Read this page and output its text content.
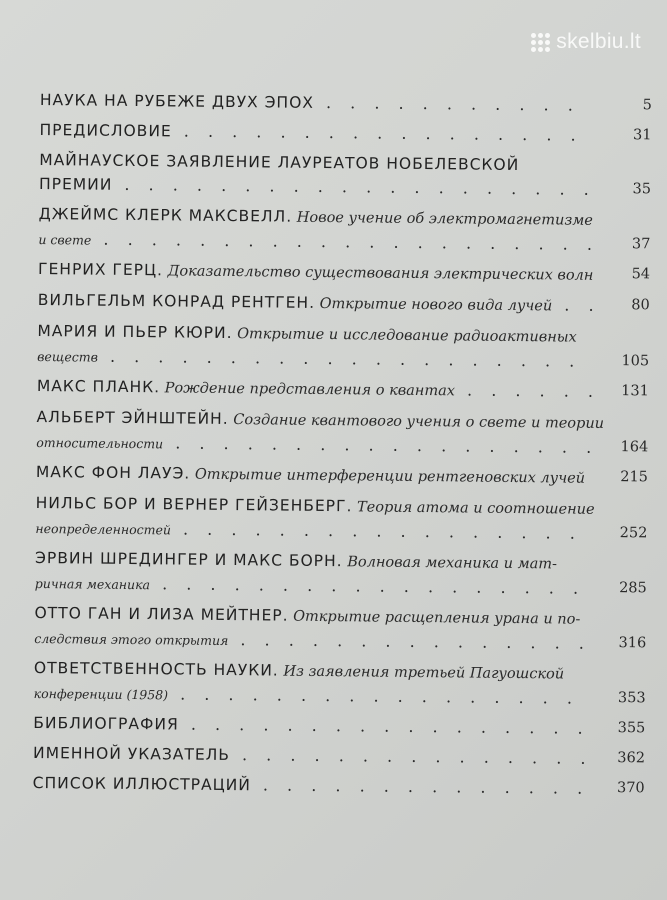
skelbiu.lt
НАУКА НА РУБЕЖЕ ДВУХ ЭПОХ . . . . . . . . . . .	5
ПРЕДИСЛОВИЕ . . . . . . . . . . . . . . . . .	31
МАЙНАУСКОЕ ЗАЯВЛЕНИЕ ЛАУРЕАТОВ НОБЕЛЕВСКОЙ
ПРЕМИИ . . . . . . . . . . . . . . . . . . . .	35
ДЖЕЙМС КЛЕРК МАКСВЕЛЛ. Новое учение об электромагнетизме
и свете . . . . . . . . . . . . . . . . . . . . . 37
ГЕНРИХ ГЕРЦ. Доказательство существования электрических волн	54
ВИЛЬГЕЛЬМ КОНРАД РЕНТГЕН. Открытие нового вида лучей . . 80
МАРИЯ И ПЬЕР КЮРИ. Открытие и исследование радиоактивных
веществ . . . . . . . . . . . . . . . . . . . .	105
МАКС ПЛАНК. Рождение представления о квантах . . . . . . 131
АЛЬБЕРТ ЭЙНШТЕЙН. Создание квантового учения о свете и теории
относительности . . . . . . . . . . . . . . . . . . 164
МАКС ФОН ЛАУЭ. Открытие интерференции рентгеновских лучей 215
НИЛЬС БОР И ВЕРНЕР ГЕЙЗЕНБЕРГ. Теория атома и соотношение
неопределенностей . . . . . . . . . . . . . . . . .	252
ЭРВИН ШРЕДИНГЕР И МАКС БОРН. Волновая механика и мат-
ричная механика . . . . . . . . . . . . . . . . . . 285
ОТТО ГАН И ЛИЗА МЕЙТНЕР. Открытие расщепления урана и по-
следствия этого открытия . . . . . . . . . . . . . . . 316
ОТВЕТСТВЕННОСТЬ НАУКИ. Из заявления третьей Пагуошской
конференции (1958) . . . . . . . . . . . . . . . . .	353
БИБЛИОГРАФИЯ . . . . . . . . . . . . . . . . . 355
ИМЕННОЙ УКАЗАТЕЛЬ . . . . . . . . . . . . . . . 362
СПИСОК ИЛЛЮСТРАЦИЙ . . . . . . . . . . . . . . 370
